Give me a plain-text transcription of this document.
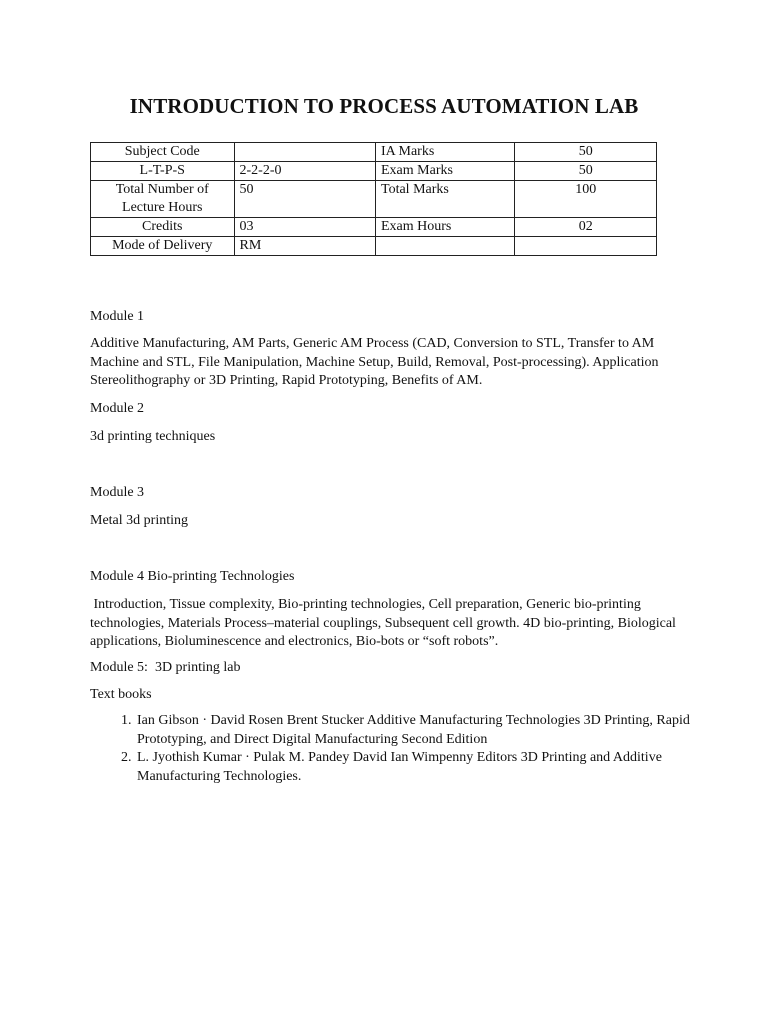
INTRODUCTION TO PROCESS AUTOMATION LAB
Subject Code		IA Marks	50
L-T-P-S	2-2-2-0	Exam Marks	50
Total Number of Lecture Hours	50	Total Marks	100
Credits	03	Exam Hours	02
Mode of Delivery	RM		
Module 1

Additive Manufacturing, AM Parts, Generic AM Process (CAD, Conversion to STL, Transfer to AM Machine and STL, File Manipulation, Machine Setup, Build, Removal, Post-processing). Application Stereolithography or 3D Printing, Rapid Prototyping, Benefits of AM.

Module 2
3d printing techniques
Module 3
Metal 3d printing
Module 4 Bio-printing Technologies

Introduction, Tissue complexity, Bio-printing technologies, Cell preparation, Generic bio-printing technologies, Materials Process–material couplings, Subsequent cell growth. 4D bio-printing, Biological applications, Bioluminescence and electronics, Bio-bots or “soft robots”.

Module 5:  3D printing lab
Text books
1. Ian Gibson · David Rosen Brent Stucker Additive Manufacturing Technologies 3D Printing, Rapid Prototyping, and Direct Digital Manufacturing Second Edition
2. L. Jyothish Kumar · Pulak M. Pandey David Ian Wimpenny Editors 3D Printing and Additive Manufacturing Technologies.
